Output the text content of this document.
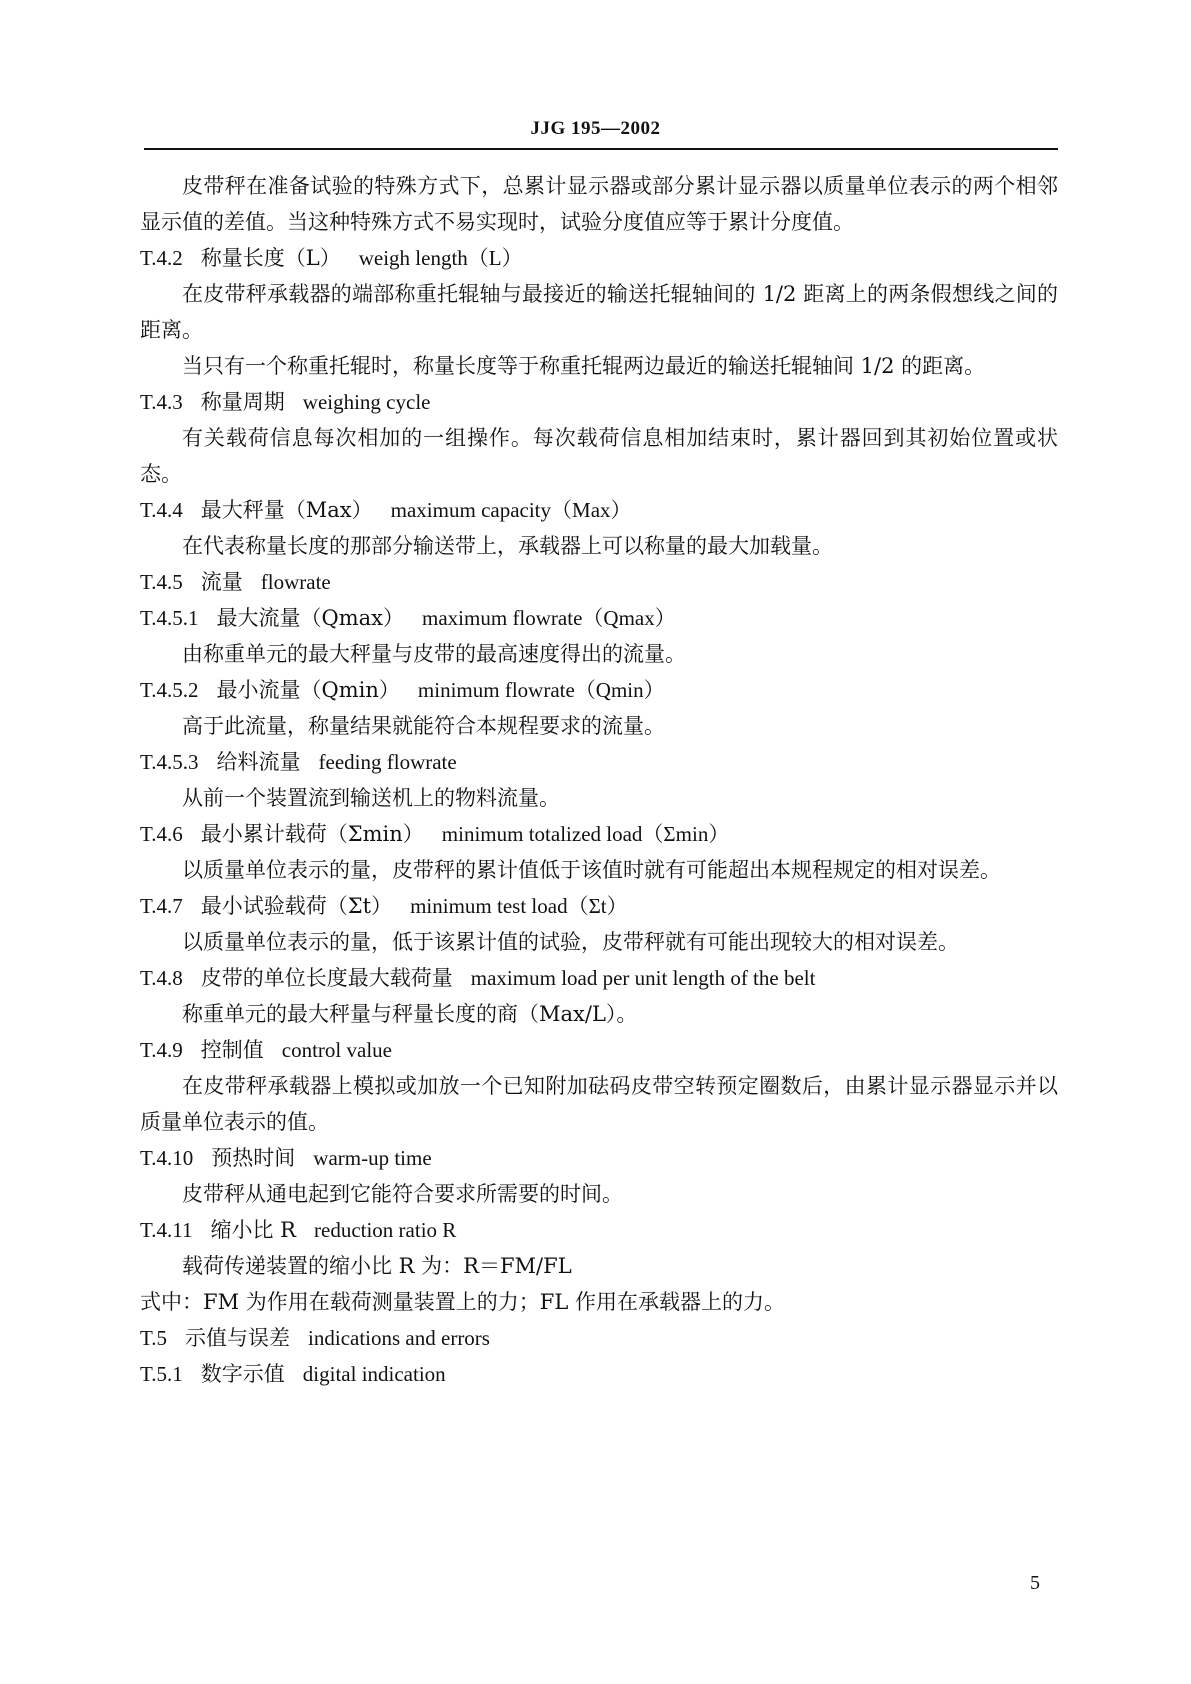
JJG 195—2002

皮带秤在准备试验的特殊方式下，总累计显示器或部分累计显示器以质量单位表示的两个相邻显示值的差值。当这种特殊方式不易实现时，试验分度值应等于累计分度值。

T.4.2 称量长度（L） weigh length（L）

在皮带秤承载器的端部称重托辊轴与最接近的输送托辊轴间的 1/2 距离上的两条假想线之间的距离。

当只有一个称重托辊时，称量长度等于称重托辊两边最近的输送托辊轴间 1/2 的距离。

T.4.3 称量周期 weighing cycle

有关载荷信息每次相加的一组操作。每次载荷信息相加结束时，累计器回到其初始位置或状态。

T.4.4 最大秤量（Max） maximum capacity（Max）

在代表称量长度的那部分输送带上，承载器上可以称量的最大加载量。

T.4.5 流量 flowrate
T.4.5.1 最大流量（Qmax） maximum flowrate（Qmax）

由称重单元的最大秤量与皮带的最高速度得出的流量。

T.4.5.2 最小流量（Qmin） minimum flowrate（Qmin）

高于此流量，称量结果就能符合本规程要求的流量。

T.4.5.3 给料流量 feeding flowrate

从前一个装置流到输送机上的物料流量。

T.4.6 最小累计载荷（Σmin） minimum totalized load（Σmin）

以质量单位表示的量，皮带秤的累计值低于该值时就有可能超出本规程规定的相对误差。

T.4.7 最小试验载荷（Σt） minimum test load（Σt）

以质量单位表示的量，低于该累计值的试验，皮带秤就有可能出现较大的相对误差。

T.4.8 皮带的单位长度最大载荷量 maximum load per unit length of the belt

称重单元的最大秤量与秤量长度的商（Max/L）。

T.4.9 控制值 control value

在皮带秤承载器上模拟或加放一个已知附加砝码皮带空转预定圈数后，由累计显示器显示并以质量单位表示的值。

T.4.10 预热时间 warm-up time

皮带秤从通电起到它能符合要求所需要的时间。

T.4.11 缩小比 R reduction ratio R

载荷传递装置的缩小比 R 为：R＝FM/FL

式中：FM 为作用在载荷测量装置上的力；FL 作用在承载器上的力。

T.5 示值与误差 indications and errors
T.5.1 数字示值 digital indication
5
